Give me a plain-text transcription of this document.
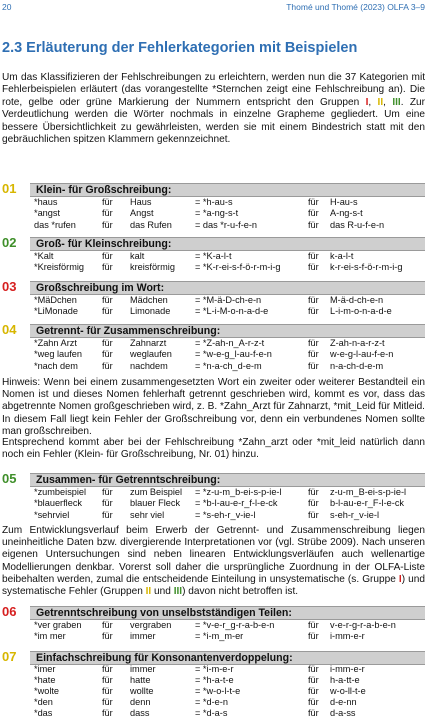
20	Thomé und Thomé (2023) OLFA 3–9
2.3 Erläuterung der Fehlerkategorien mit Beispielen

Um das Klassifizieren der Fehlschreibungen zu erleichtern, werden nun die 37 Kategorien mit Fehlerbeispielen erläutert (das vorangestellte *Sternchen zeigt eine Fehlschreibung an). Die rote, gelbe oder grüne Markierung der Nummern entspricht den Gruppen I, II, III. Zur Verdeutlichung werden die Wörter nochmals in einzelne Grapheme gegliedert. Um eine bessere Übersichtlichkeit zu gewährleisten, werden sie mit einem Bindestrich statt mit den gebräuchlichen spitzen Klammern gekennzeichnet.

01 Klein- für Großschreibung:
*haus	für Haus	= *h-au-s	für H-au-s
*angst	für Angst	= *a-ng-s-t	für A-ng-s-t
das *rufen	für das Rufen	= das *r-u-f-e-n	für das R-u-f-e-n
02 Groß- für Kleinschreibung:
*Kalt	für kalt	= *K-a-l-t	für k-a-l-t
*Kreisförmig für kreisförmig = *K-r-ei-s-f-ö-r-m-i-g	für k-r-ei-s-f-ö-r-m-i-g
03 Großschreibung im Wort:
*MäDchen	für Mädchen	= *M-ä-D-ch-e-n	für M-ä-d-ch-e-n
*LiMonade	für Limonade	= *L-i-M-o-n-a-d-e	für L-i-m-o-n-a-d-e
04 Getrennt- für Zusammenschreibung:
*Zahn Arzt	für Zahnarzt	= *Z-ah-n_A-r-z-t	für Z-ah-n-a-r-z-t
*weg laufen für weglaufen	= *w-e-g_l-au-f-e-n	für w-e-g-l-au-f-e-n
*nach dem	für nachdem	= *n-a-ch_d-e-m	für n-a-ch-d-e-m

Hinweis: Wenn bei einem zusammengesetzten Wort ein zweiter oder weiterer Bestandteil ein Nomen ist und dieses Nomen fehlerhaft getrennt geschrieben wird, kommt es vor, dass das abgetrennte Nomen großgeschrieben wird, z. B. *Zahn_Arzt für Zahnarzt, *mit_Leid für Mitleid. In diesem Fall liegt kein Fehler der Großschreibung vor, denn ein verbundenes Nomen sollte man großschreiben.

Entsprechend kommt aber bei der Fehlschreibung *Zahn_arzt oder *mit_leid natürlich dann noch ein Fehler (Klein- für Großschreibung, Nr. 01) hinzu.

05 Zusammen- für Getrenntschreibung:
*zumbeispiel für zum Beispiel = *z-u-m_b-ei-s-p-ie-l	für z-u-m_B-ei-s-p-ie-l
*blauerfleck für blauer Fleck = *b-l-au-e-r_f-l-e-ck	für b-l-au-e-r_F-l-e-ck
*sehrviel	für sehr viel	= *s-eh-r_v-ie-l	für s-eh-r_v-ie-l

Zum Entwicklungsverlauf beim Erwerb der Getrennt- und Zusammenschreibung liegen uneinheitliche Daten bzw. divergierende Interpretationen vor (vgl. Strübe 2009). Nach unseren eigenen Untersuchungen sind neben linearen Entwicklungsverläufen auch wellenartige Modellierungen denkbar. Vorerst soll daher die ursprüngliche Zuordnung in der OLFA-Liste beibehalten werden, zumal die entscheidende Einteilung in unsystematische (s. Gruppe I) und systematische Fehler (Gruppen II und III) davon nicht betroffen ist.

06 Getrenntschreibung von unselbstständigen Teilen:
*ver graben für vergraben	= *v-e-r_g-r-a-b-e-n	für v-e-r-g-r-a-b-e-n
*im mer	für immer	= *i-m_m-er	für i-mm-e-r
07 Einfachschreibung für Konsonantenverdoppelung:
*imer	für immer	= *i-m-e-r	für i-mm-e-r
*hate	für hatte	= *h-a-t-e	für h-a-tt-e
*wolte	für wollte	= *w-o-l-t-e	für w-o-ll-t-e
*den	für denn	= *d-e-n	für d-e-nn
*das	für dass	= *d-a-s	für d-a-ss
